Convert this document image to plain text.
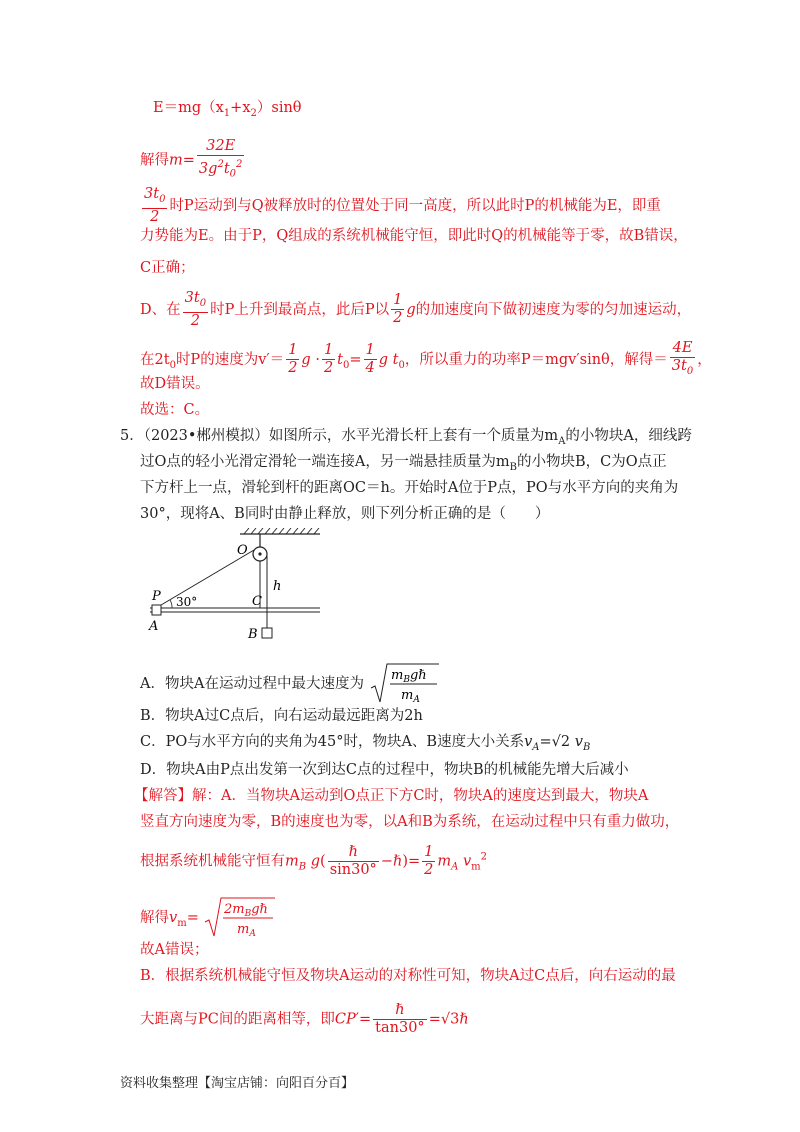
$E=mg(x_1+x_2)\sin\theta$
解得$m= \frac{32E}{3g^2t_0^2}$
$\frac{3t_0}{2}$ 时P运动到与Q被释放时的位置处于同一高度，所以此时P的机械能为E，即重
力势能为E。由于P，Q组成的系统机械能守恒，即此时Q的机械能等于零，故B错误，
C正确；
D、在 $\frac{3t_0}{2}$ 时P上升到最高点，此后P以 $\frac{1}{2}$ g的加速度向下做初速度为零的匀加速运动，
在$2t_0$时P的速度为$v'= \frac{1}{2}$ $g \cdot \frac{1}{2} t_0= \frac{1}{4}$ g $t_0$，所以重力的功率P＝mgv′sinθ，解得＝ $\frac{4E}{3t_0}$ ，
故D错误。
故选：C。
5．（2023•郴州模拟）如图所示，水平光滑长杆上套有一个质量为$m_A$的小物块A，细线跨
过O点的轻小光滑定滑轮一端连接A，另一端悬挂质量为$m_B$的小物块B，C为O点正
下方杆上一点，滑轮到杆的距离OC＝h。开始时A位于P点，PO与水平方向的夹角为
30°，现将A、B同时由静止释放，则下列分析正确的是（　　）
O
h
P 30°	C
A
B
A．物块A在运动过程中最大速度为
$m_Bg\hbar$
$m_A$
B．物块A过C点后，向右运动最远距离为2h
C．PO与水平方向的夹角为45°时，物块A、B速度大小关系$v_A=√2$ $v_B$
D．物块A由P点出发第一次到达C点的过程中，物块B的机械能先增大后减小
【解答】解：A．当物块A运动到O点正下方C时，物块A的速度达到最大，物块A
竖直方向速度为零，B的速度也为零，以A和B为系统，在运动过程中只有重力做功，
根据系统机械能守恒有$m_B$ $g( \frac{\text{ℏ}}{\sin 30^\circ}$ −ℏ)= $\frac{1}{2} m_A$ $v_m^2$
解得$v_m=$
$2m_Bg\hbar$
$m_A$
故A错误；
B．根据系统机械能守恒及物块A运动的对称性可知，物块A过C点后，向右运动的最
大距离与PC间的距离相等，即$CP'= \frac{\text{ℏ}}{\tan 30^\circ}$ =√3ℏ
资料收集整理【淘宝店铺：向阳百分百】
